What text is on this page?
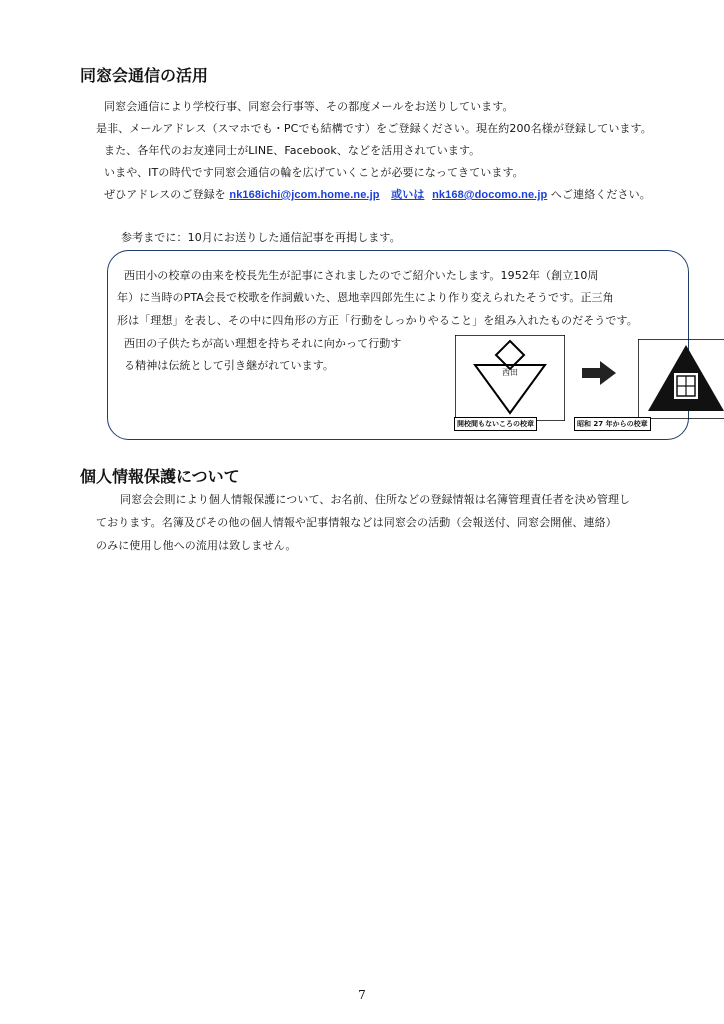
同窓会通信の活用
同窓会通信により学校行事、同窓会行事等、その都度メールをお送りしています。
是非、メールアドレス（スマホでも・PCでも結構です）をご登録ください。現在約200名様が登録しています。
また、各年代のお友達同士がLINE、Facebook、などを活用されています。
いまや、ITの時代です同窓会通信の輪を広げていくことが必要になってきています。
ぜひアドレスのご登録を nk168ichi@jcom.home.ne.jp 或いは nk168@docomo.ne.jp へご連絡ください。
参考までに：10月にお送りした通信記事を再掲します。
西田小の校章の由来を校長先生が記事にされましたのでご紹介いたします。1952年（創立10周
年）に当時のPTA会長で校歌を作詞戴いた、恩地幸四郎先生により作り変えられたそうです。正三角
形は「理想」を表し、その中に四角形の方正「行動をしっかりやること」を組み入れたものだそうです。
西田の子供たちが高い理想を持ちそれに向かって行動す
る精神は伝統として引き継がれています。
西田
開校間もないころの校章	昭和 27 年からの校章
個人情報保護について
同窓会会則により個人情報保護について、お名前、住所などの登録情報は名簿管理責任者を決め管理し
ております。名簿及びその他の個人情報や記事情報などは同窓会の活動（会報送付、同窓会開催、連絡）
のみに使用し他への流用は致しません。
7
